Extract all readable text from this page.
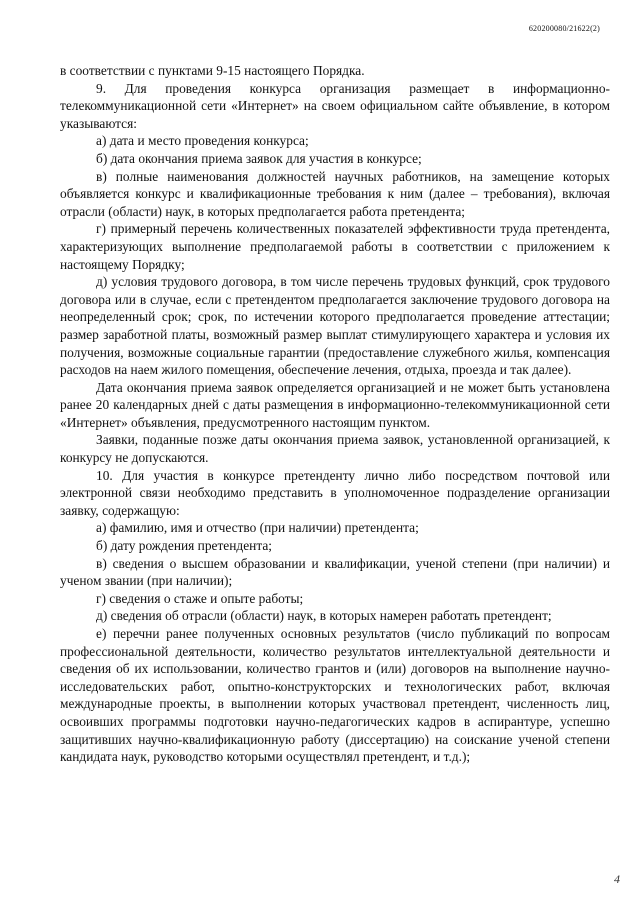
620200080/21622(2)

в соответствии с пунктами 9-15 настоящего Порядка.

9. Для проведения конкурса организация размещает в информационно-телекоммуникационной сети «Интернет» на своем официальном сайте объявление, в котором указываются:

а) дата и место проведения конкурса;

б) дата окончания приема заявок для участия в конкурсе;

в) полные наименования должностей научных работников, на замещение которых объявляется конкурс и квалификационные требования к ним (далее – требования), включая отрасли (области) наук, в которых предполагается работа претендента;

г) примерный перечень количественных показателей эффективности труда претендента, характеризующих выполнение предполагаемой работы в соответствии с приложением к настоящему Порядку;

д) условия трудового договора, в том числе перечень трудовых функций, срок трудового договора или в случае, если с претендентом предполагается заключение трудового договора на неопределенный срок; срок, по истечении которого предполагается проведение аттестации; размер заработной платы, возможный размер выплат стимулирующего характера и условия их получения, возможные социальные гарантии (предоставление служебного жилья, компенсация расходов на наем жилого помещения, обеспечение лечения, отдыха, проезда и так далее).

Дата окончания приема заявок определяется организацией и не может быть установлена ранее 20 календарных дней с даты размещения в информационно-телекоммуникационной сети «Интернет» объявления, предусмотренного настоящим пунктом.

Заявки, поданные позже даты окончания приема заявок, установленной организацией, к конкурсу не допускаются.

10. Для участия в конкурсе претенденту лично либо посредством почтовой или электронной связи необходимо представить в уполномоченное подразделение организации заявку, содержащую:

а) фамилию, имя и отчество (при наличии) претендента;

б) дату рождения претендента;

в) сведения о высшем образовании и квалификации, ученой степени (при наличии) и ученом звании (при наличии);

г) сведения о стаже и опыте работы;

д) сведения об отрасли (области) наук, в которых намерен работать претендент;

е) перечни ранее полученных основных результатов (число публикаций по вопросам профессиональной деятельности, количество результатов интеллектуальной деятельности и сведения об их использовании, количество грантов и (или) договоров на выполнение научно-исследовательских работ, опытно-конструкторских и технологических работ, включая международные проекты, в выполнении которых участвовал претендент, численность лиц, освоивших программы подготовки научно-педагогических кадров в аспирантуре, успешно защитивших научно-квалификационную работу (диссертацию) на соискание ученой степени кандидата наук, руководство которыми осуществлял претендент, и т.д.);

4
